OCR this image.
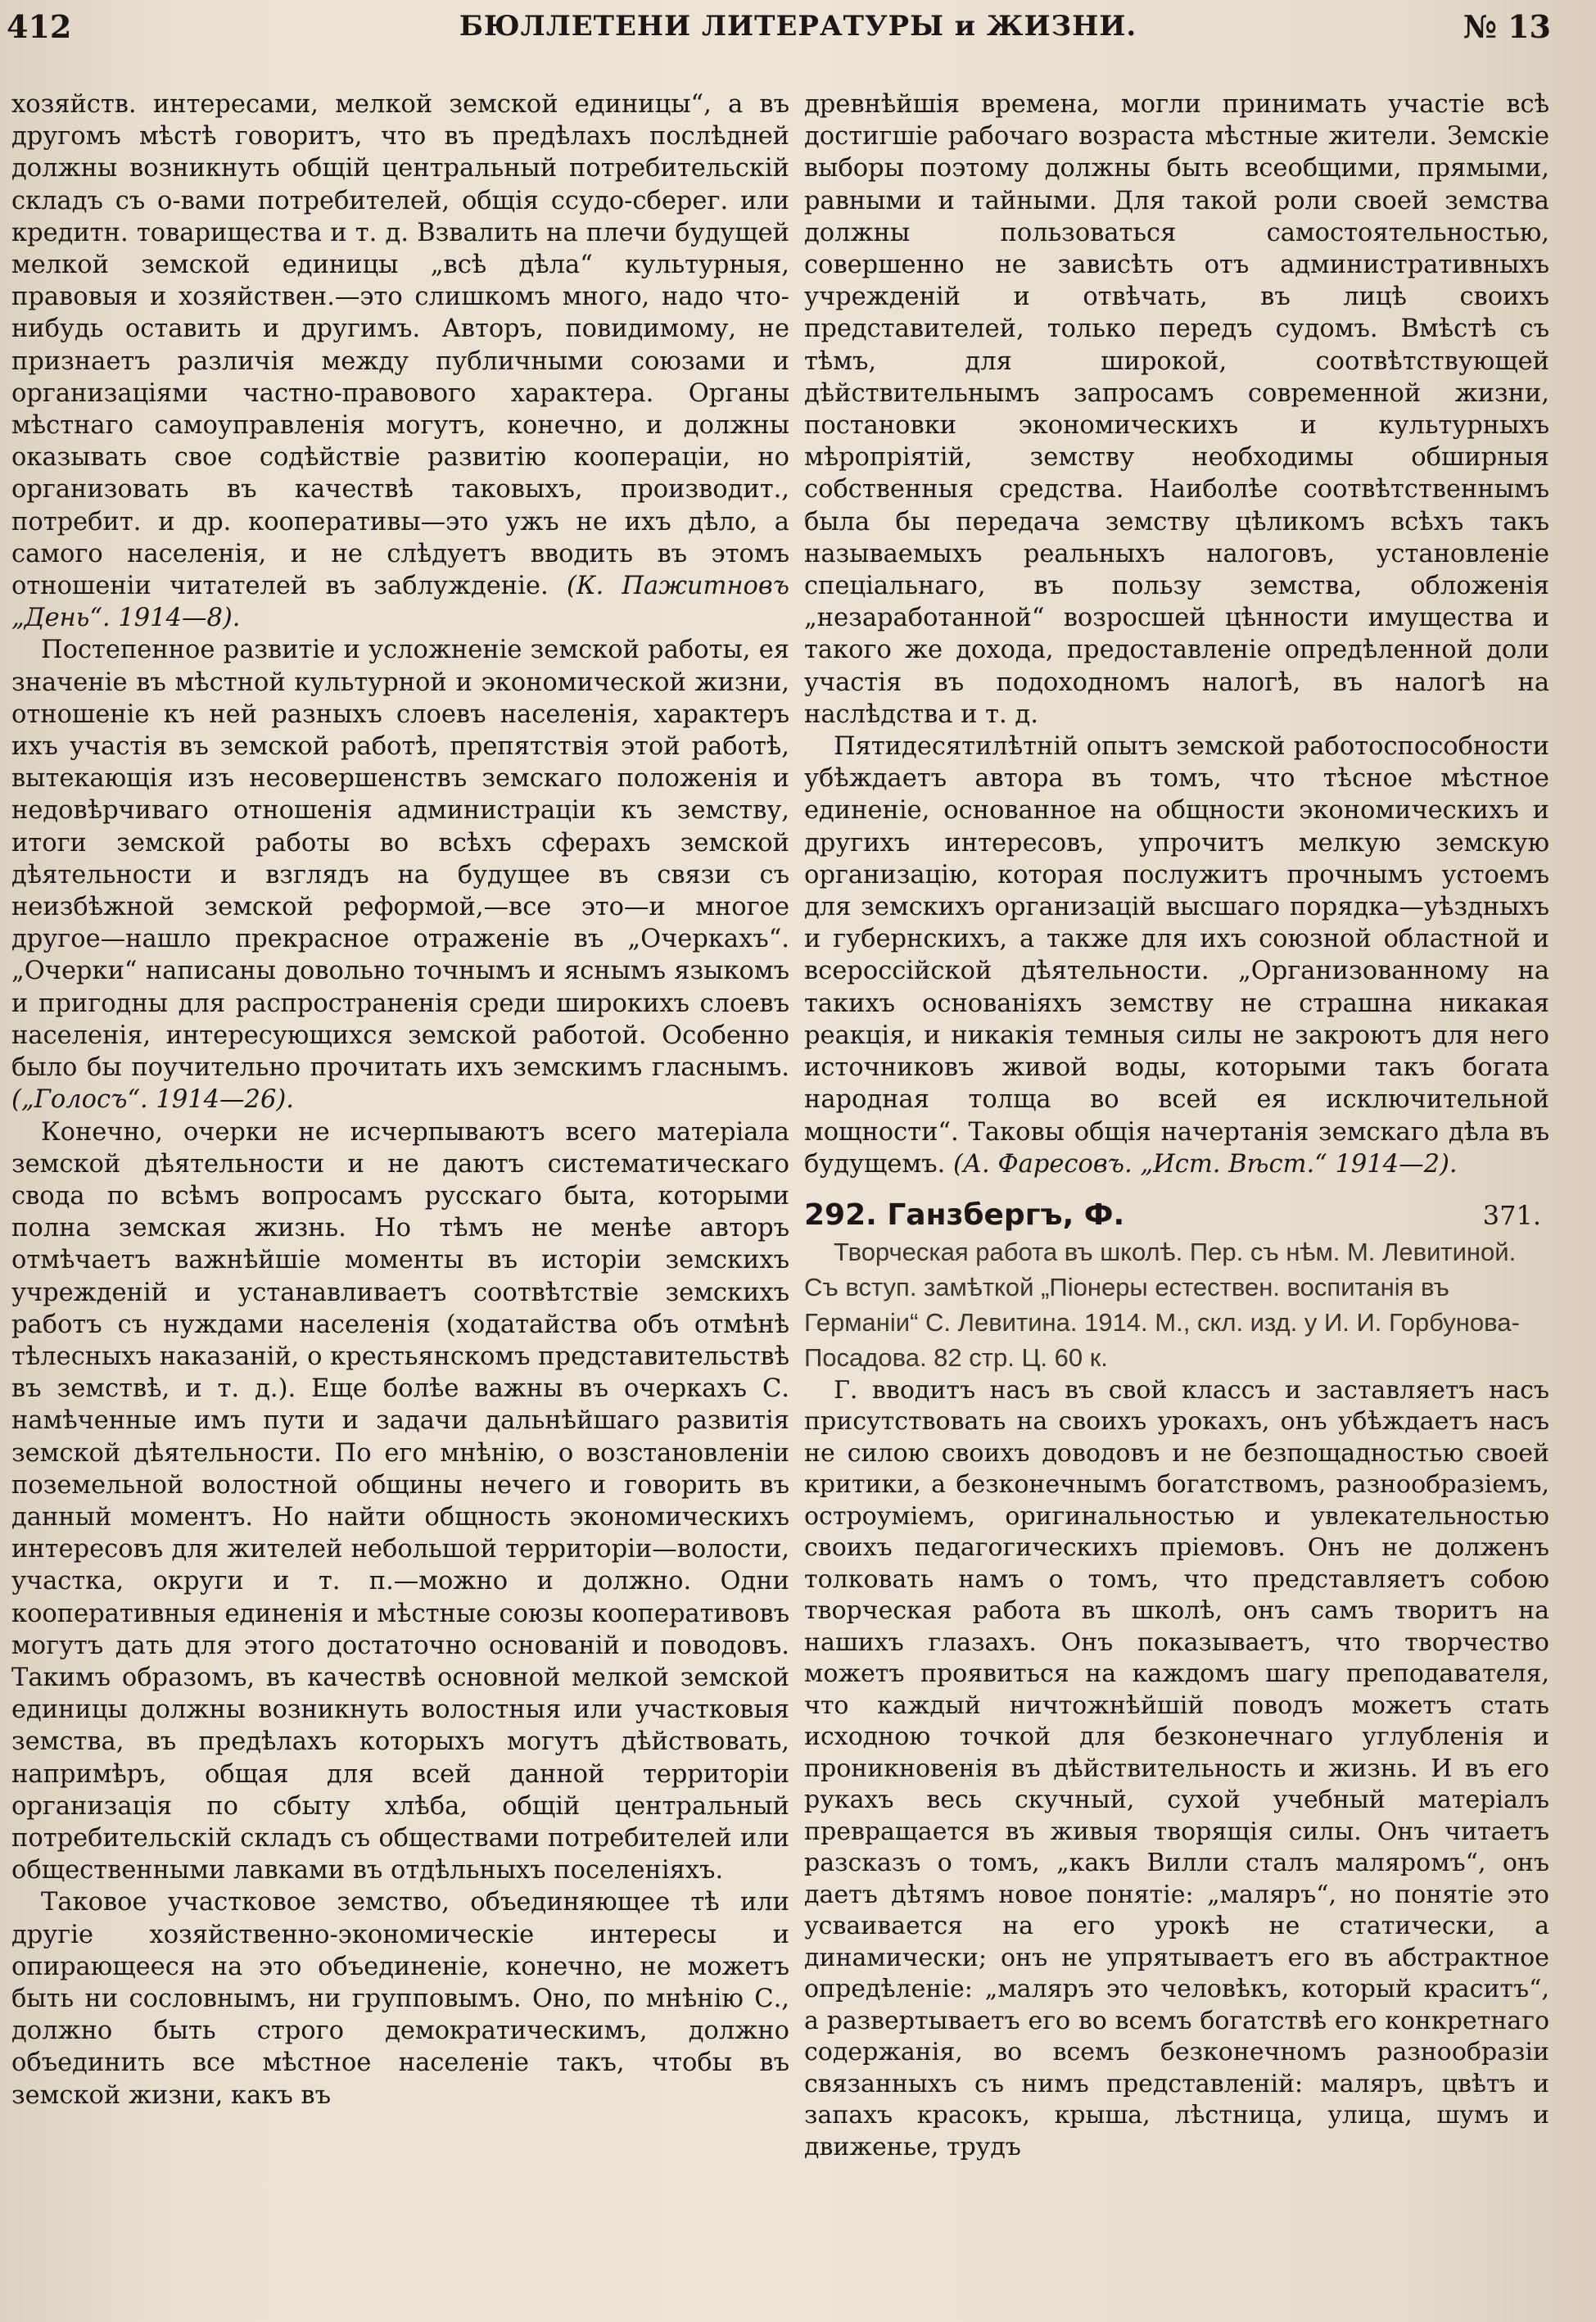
412	БЮЛЛЕТЕНИ ЛИТЕРАТУРЫ и ЖИЗНИ.	№ 13

хозяйств. интересами, мелкой земской единицы“, а въ другомъ мѣстѣ говоритъ, что въ предѣлахъ послѣдней должны возникнуть общій центральный потребительскій складъ съ о-вами потребителей, общія ссудо-сберег. или кредитн. товарищества и т. д. Взвалить на плечи будущей мелкой земской единицы „всѣ дѣла“ культурныя, правовыя и хозяйствен.—это слишкомъ много, надо что-нибудь оставить и другимъ. Авторъ, повидимому, не признаетъ различія между публичными союзами и организаціями частно-правового характера. Органы мѣстнаго самоуправленія могутъ, конечно, и должны оказывать свое содѣйствіе развитію коопераціи, но организовать въ качествѣ таковыхъ, производит., потребит. и др. кооперативы—это ужъ не ихъ дѣло, а самого населенія, и не слѣдуетъ вводить въ этомъ отношеніи читателей въ заблужденіе. (К. Пажитновъ „День“. 1914—8).

Постепенное развитіе и усложненіе земской работы, ея значеніе въ мѣстной культурной и экономической жизни, отношеніе къ ней разныхъ слоевъ населенія, характеръ ихъ участія въ земской работѣ, препятствія этой работѣ, вытекающія изъ несовершенствъ земскаго положенія и недовѣрчиваго отношенія администраціи къ земству, итоги земской работы во всѣхъ сферахъ земской дѣятельности и взглядъ на будущее въ связи съ неизбѣжной земской реформой,—все это—и многое другое—нашло прекрасное отраженіе въ „Очеркахъ“. „Очерки“ написаны довольно точнымъ и яснымъ языкомъ и пригодны для распространенія среди широкихъ слоевъ населенія, интересующихся земской работой. Особенно было бы поучительно прочитать ихъ земскимъ гласнымъ. („Голосъ“. 1914—26).

Конечно, очерки не исчерпываютъ всего матеріала земской дѣятельности и не даютъ систематическаго свода по всѣмъ вопросамъ русскаго быта, которыми полна земская жизнь. Но тѣмъ не менѣе авторъ отмѣчаетъ важнѣйшіе моменты въ исторіи земскихъ учрежденій и устанавливаетъ соотвѣтствіе земскихъ работъ съ нуждами населенія (ходатайства объ отмѣнѣ тѣлесныхъ наказаній, о крестьянскомъ представительствѣ въ земствѣ, и т. д.). Еще болѣе важны въ очеркахъ С. намѣченные имъ пути и задачи дальнѣйшаго развитія земской дѣятельности. По его мнѣнію, о возстановленіи поземельной волостной общины нечего и говорить въ данный моментъ. Но найти общность экономическихъ интересовъ для жителей небольшой территоріи—волости, участка, округи и т. п.—можно и должно. Одни кооперативныя единенія и мѣстные союзы кооперативовъ могутъ дать для этого достаточно основаній и поводовъ. Такимъ образомъ, въ качествѣ основной мелкой земской единицы должны возникнуть волостныя или участковыя земства, въ предѣлахъ которыхъ могутъ дѣйствовать, напримѣръ, общая для всей данной территоріи организація по сбыту хлѣба, общій центральный потребительскій складъ съ обществами потребителей или общественными лавками въ отдѣльныхъ поселеніяхъ.

Таковое участковое земство, объединяющее тѣ или другіе хозяйственно-экономическіе интересы и опирающееся на это объединеніе, конечно, не можетъ быть ни сословнымъ, ни групповымъ. Оно, по мнѣнію С., должно быть строго демократическимъ, должно объединить все мѣстное населеніе такъ, чтобы въ земской жизни, какъ въ

древнѣйшія времена, могли принимать участіе всѣ достигшіе рабочаго возраста мѣстные жители. Земскіе выборы поэтому должны быть всеобщими, прямыми, равными и тайными. Для такой роли своей земства должны пользоваться самостоятельностью, совершенно не зависѣть отъ административныхъ учрежденій и отвѣчать, въ лицѣ своихъ представителей, только передъ судомъ. Вмѣстѣ съ тѣмъ, для широкой, соотвѣтствующей дѣйствительнымъ запросамъ современной жизни, постановки экономическихъ и культурныхъ мѣропріятій, земству необходимы обширныя собственныя средства. Наиболѣе соотвѣтственнымъ была бы передача земству цѣликомъ всѣхъ такъ называемыхъ реальныхъ налоговъ, установленіе спеціальнаго, въ пользу земства, обложенія „незаработанной“ возросшей цѣнности имущества и такого же дохода, предоставленіе опредѣленной доли участія въ подоходномъ налогѣ, въ налогѣ на наслѣдства и т. д.

Пятидесятилѣтній опытъ земской работоспособности убѣждаетъ автора въ томъ, что тѣсное мѣстное единеніе, основанное на общности экономическихъ и другихъ интересовъ, упрочитъ мелкую земскую организацію, которая послужитъ прочнымъ устоемъ для земскихъ организацій высшаго порядка—уѣздныхъ и губернскихъ, а также для ихъ союзной областной и всероссійской дѣятельности. „Организованному на такихъ основаніяхъ земству не страшна никакая реакція, и никакія темныя силы не закроютъ для него источниковъ живой воды, которыми такъ богата народная толща во всей ея исключительной мощности“. Таковы общія начертанія земскаго дѣла въ будущемъ. (А. Фаресовъ. „Ист. Вѣст.“ 1914—2).

292. Ганзбергъ, Ф.	371.

Творческая работа въ школѣ. Пер. съ нѣм. М. Левитиной. Съ вступ. замѣткой „Піонеры естествен. воспитанія въ Германіи“ С. Левитина. 1914. М., скл. изд. у И. И. Горбунова-Посадова. 82 стр. Ц. 60 к.

Г. вводитъ насъ въ свой классъ и заставляетъ насъ присутствовать на своихъ урокахъ, онъ убѣждаетъ насъ не силою своихъ доводовъ и не безпощадностью своей критики, а безконечнымъ богатствомъ, разнообразіемъ, остроуміемъ, оригинальностью и увлекательностью своихъ педагогическихъ пріемовъ. Онъ не долженъ толковать намъ о томъ, что представляетъ собою творческая работа въ школѣ, онъ самъ творитъ на нашихъ глазахъ. Онъ показываетъ, что творчество можетъ проявиться на каждомъ шагу преподавателя, что каждый ничтожнѣйшій поводъ можетъ стать исходною точкой для безконечнаго углубленія и проникновенія въ дѣйствительность и жизнь. И въ его рукахъ весь скучный, сухой учебный матеріалъ превращается въ живыя творящія силы. Онъ читаетъ разсказъ о томъ, „какъ Вилли сталъ маляромъ“, онъ даетъ дѣтямъ новое понятіе: „маляръ“, но понятіе это усваивается на его урокѣ не статически, а динамически; онъ не упрятываетъ его въ абстрактное опредѣленіе: „маляръ это человѣкъ, который краситъ“, а развертываетъ его во всемъ богатствѣ его конкретнаго содержанія, во всемъ безконечномъ разнообразіи связанныхъ съ нимъ представленій: маляръ, цвѣтъ и запахъ красокъ, крыша, лѣстница, улица, шумъ и движенье, трудъ
